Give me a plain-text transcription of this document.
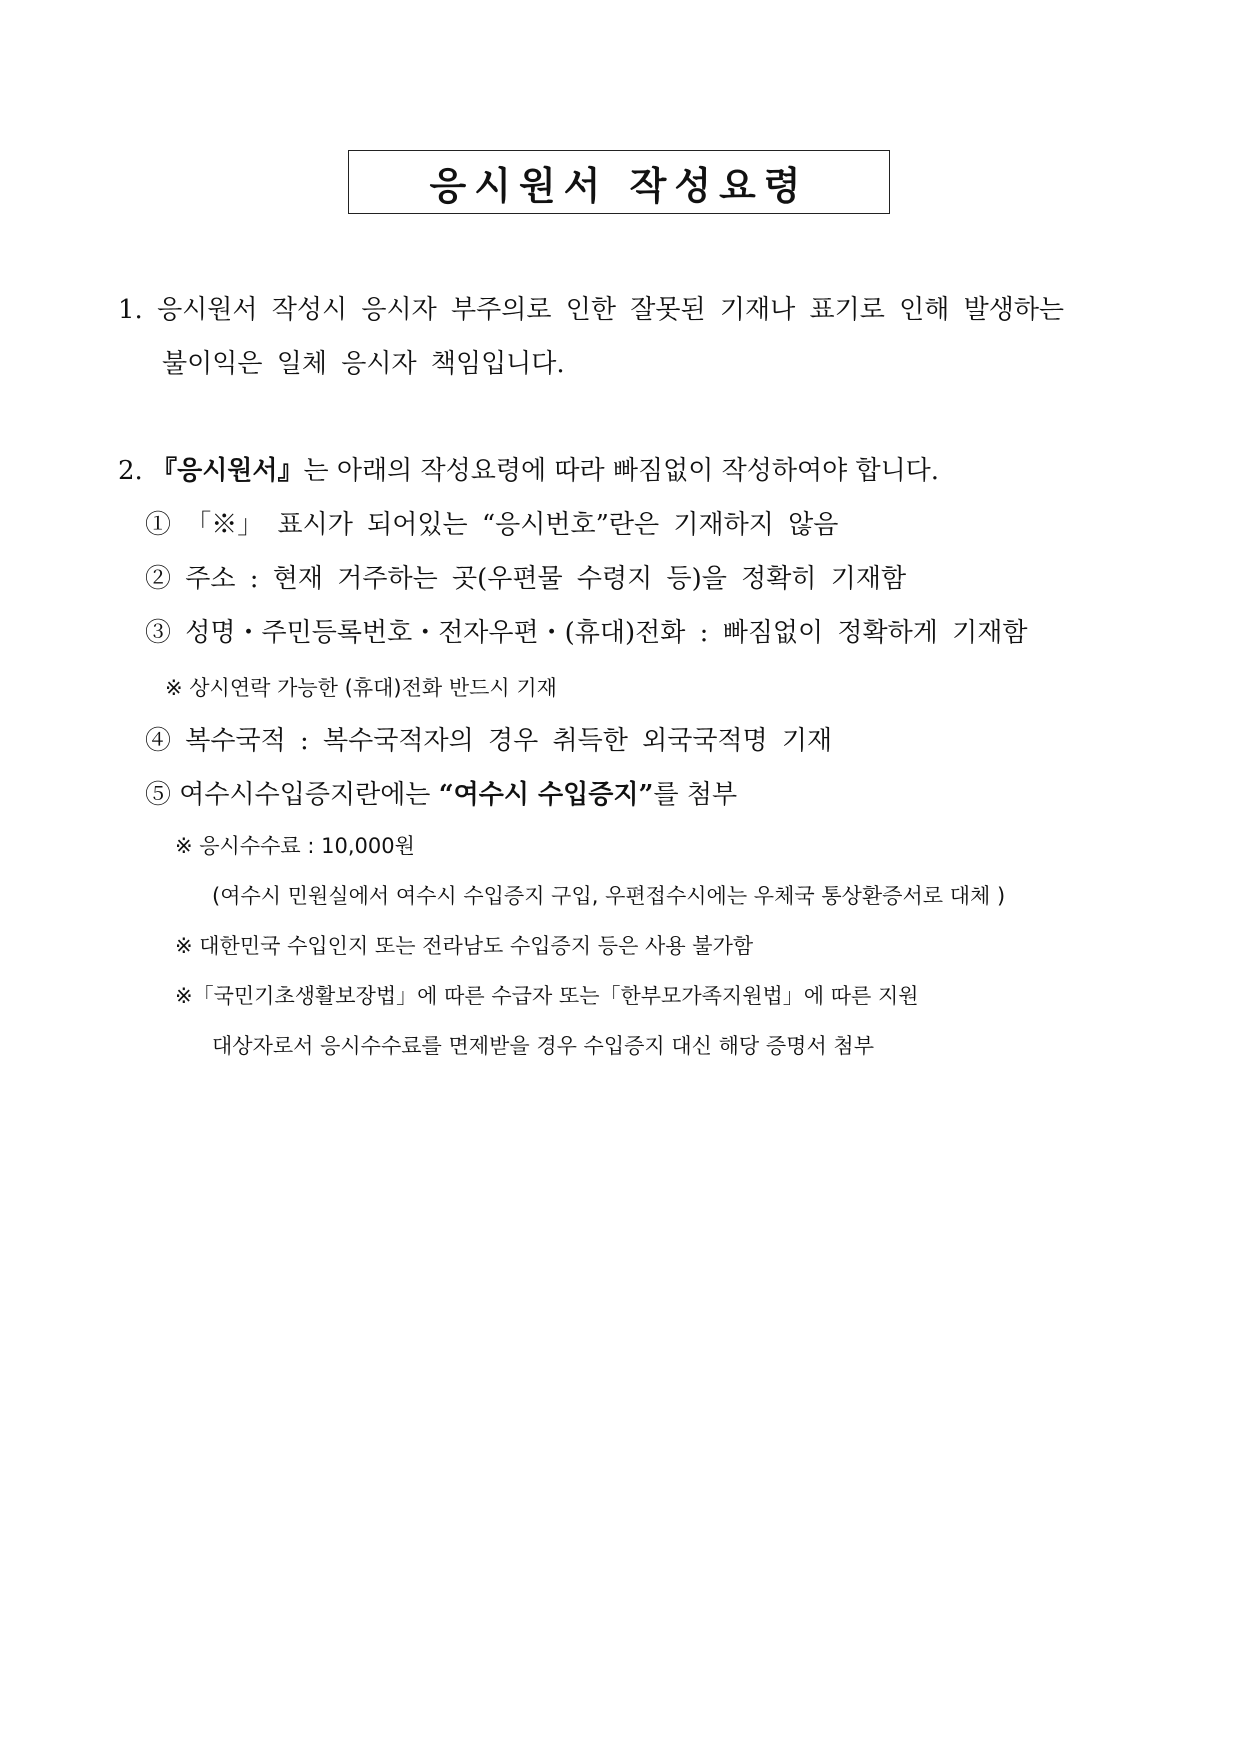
응시원서 작성요령
1. 응시원서 작성시 응시자 부주의로 인한 잘못된 기재나 표기로 인해 발생하는
불이익은 일체 응시자 책임입니다.
2. 『응시원서』는 아래의 작성요령에 따라 빠짐없이 작성하여야 합니다.
① 「※」 표시가 되어있는 “응시번호”란은 기재하지 않음
② 주소 : 현재 거주하는 곳(우편물 수령지 등)을 정확히 기재함
③ 성명・주민등록번호・전자우편・(휴대)전화 : 빠짐없이 정확하게 기재함
※ 상시연락 가능한 (휴대)전화 반드시 기재
④ 복수국적 : 복수국적자의 경우 취득한 외국국적명 기재
⑤ 여수시수입증지란에는 “여수시 수입증지”를 첨부
※ 응시수수료 : 10,000원
(여수시 민원실에서 여수시 수입증지 구입, 우편접수시에는 우체국 통상환증서로 대체 )
※ 대한민국 수입인지 또는 전라남도 수입증지 등은 사용 불가함
※「국민기초생활보장법」에 따른 수급자 또는「한부모가족지원법」에 따른 지원
대상자로서 응시수수료를 면제받을 경우 수입증지 대신 해당 증명서 첨부
